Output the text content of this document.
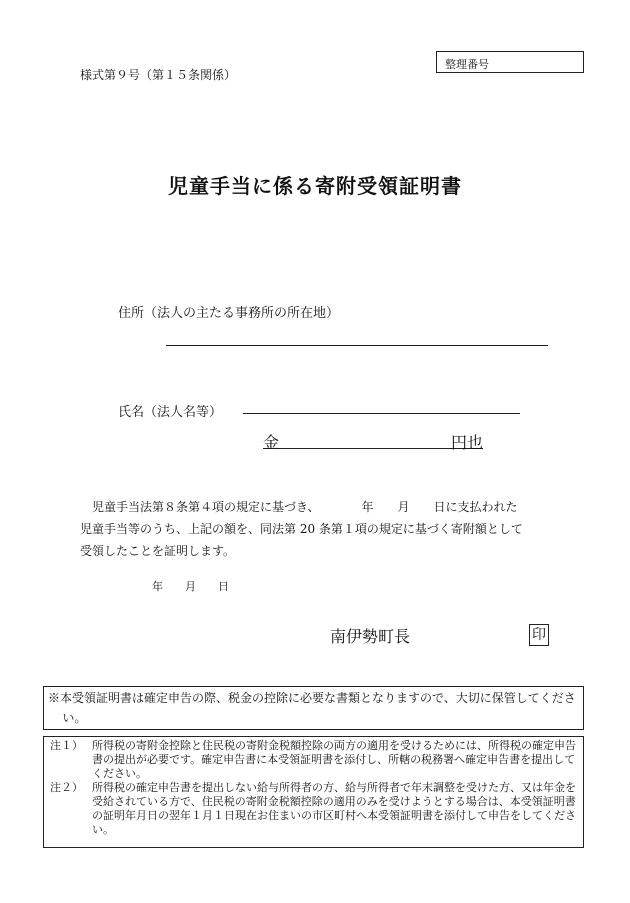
様式第９号（第１５条関係）
整理番号
児童手当に係る寄附受領証明書
住所（法人の主たる事務所の所在地）
氏名（法人名等）
金	円也
児童手当法第８条第４項の規定に基づき、　　　　年　　月　　日に支払われた
児童手当等のうち、上記の額を、同法第 20 条第１項の規定に基づく寄附額として
受領したことを証明します。
年　　月　　日
南伊勢町長	印
※本受領証明書は確定申告の際、税金の控除に必要な書類となりますので、大切に保管してください。
注１） 所得税の寄附金控除と住民税の寄附金税額控除の両方の適用を受けるためには、所得税の確定申告書の提出が必要です。確定申告書に本受領証明書を添付し、所轄の税務署へ確定申告書を提出してください。
注２） 所得税の確定申告書を提出しない給与所得者の方、給与所得者で年末調整を受けた方、又は年金を受給されている方で、住民税の寄附金税額控除の適用のみを受けようとする場合は、本受領証明書の証明年月日の翌年１月１日現在お住まいの市区町村へ本受領証明書を添付して申告をしてください。
